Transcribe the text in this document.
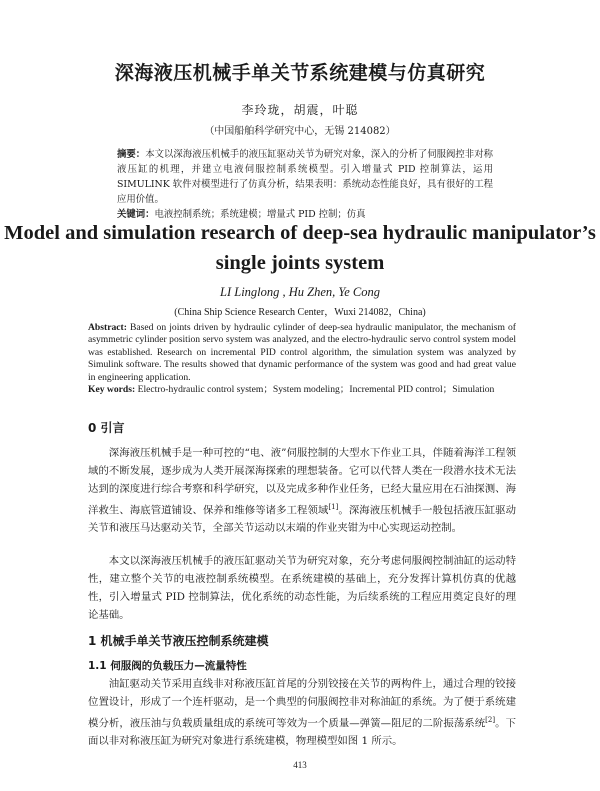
深海液压机械手单关节系统建模与仿真研究
李玲珑，胡震，叶聪
（中国船舶科学研究中心，无锡 214082）
摘要：本文以深海液压机械手的液压缸驱动关节为研究对象，深入的分析了伺服阀控非对称液压缸的机理，并建立电液伺服控制系统模型。引入增量式 PID 控制算法，运用 SIMULINK 软件对模型进行了仿真分析，结果表明：系统动态性能良好，具有很好的工程应用价值。
关键词：电液控制系统；系统建模；增量式 PID 控制；仿真
Model and simulation research of deep-sea hydraulic manipulator’s single joints system
LI Linglong , Hu Zhen, Ye Cong
(China Ship Science Research Center，Wuxi 214082，China)
Abstract: Based on joints driven by hydraulic cylinder of deep-sea hydraulic manipulator, the mechanism of asymmetric cylinder position servo system was analyzed, and the electro-hydraulic servo control system model was established. Research on incremental PID control algorithm, the simulation system was analyzed by Simulink software. The results showed that dynamic performance of the system was good and had great value in engineering application.
Key words: Electro-hydraulic control system；System modeling；Incremental PID control；Simulation
0 引言
深海液压机械手是一种可控的“电、液”伺服控制的大型水下作业工具，伴随着海洋工程领域的不断发展，逐步成为人类开展深海探索的理想装备。它可以代替人类在一段潜水技术无法达到的深度进行综合考察和科学研究，以及完成多种作业任务，已经大量应用在石油探测、海洋救生、海底管道铺设、保养和维修等诸多工程领域[1]。深海液压机械手一般包括液压缸驱动关节和液压马达驱动关节，全部关节运动以末端的作业夹钳为中心实现运动控制。
本文以深海液压机械手的液压缸驱动关节为研究对象，充分考虑伺服阀控制油缸的运动特性，建立整个关节的电液控制系统模型。在系统建模的基础上，充分发挥计算机仿真的优越性，引入增量式 PID 控制算法，优化系统的动态性能，为后续系统的工程应用奠定良好的理论基础。
1 机械手单关节液压控制系统建模
1.1 伺服阀的负载压力—流量特性
油缸驱动关节采用直线非对称液压缸首尾的分别铰接在关节的两构件上，通过合理的铰接位置设计，形成了一个连杆驱动，是一个典型的伺服阀控非对称油缸的系统。为了便于系统建模分析，液压油与负载质量组成的系统可等效为一个质量—弹簧—阻尼的二阶振荡系统[2]。下面以非对称液压缸为研究对象进行系统建模，物理模型如图 1 所示。
413
